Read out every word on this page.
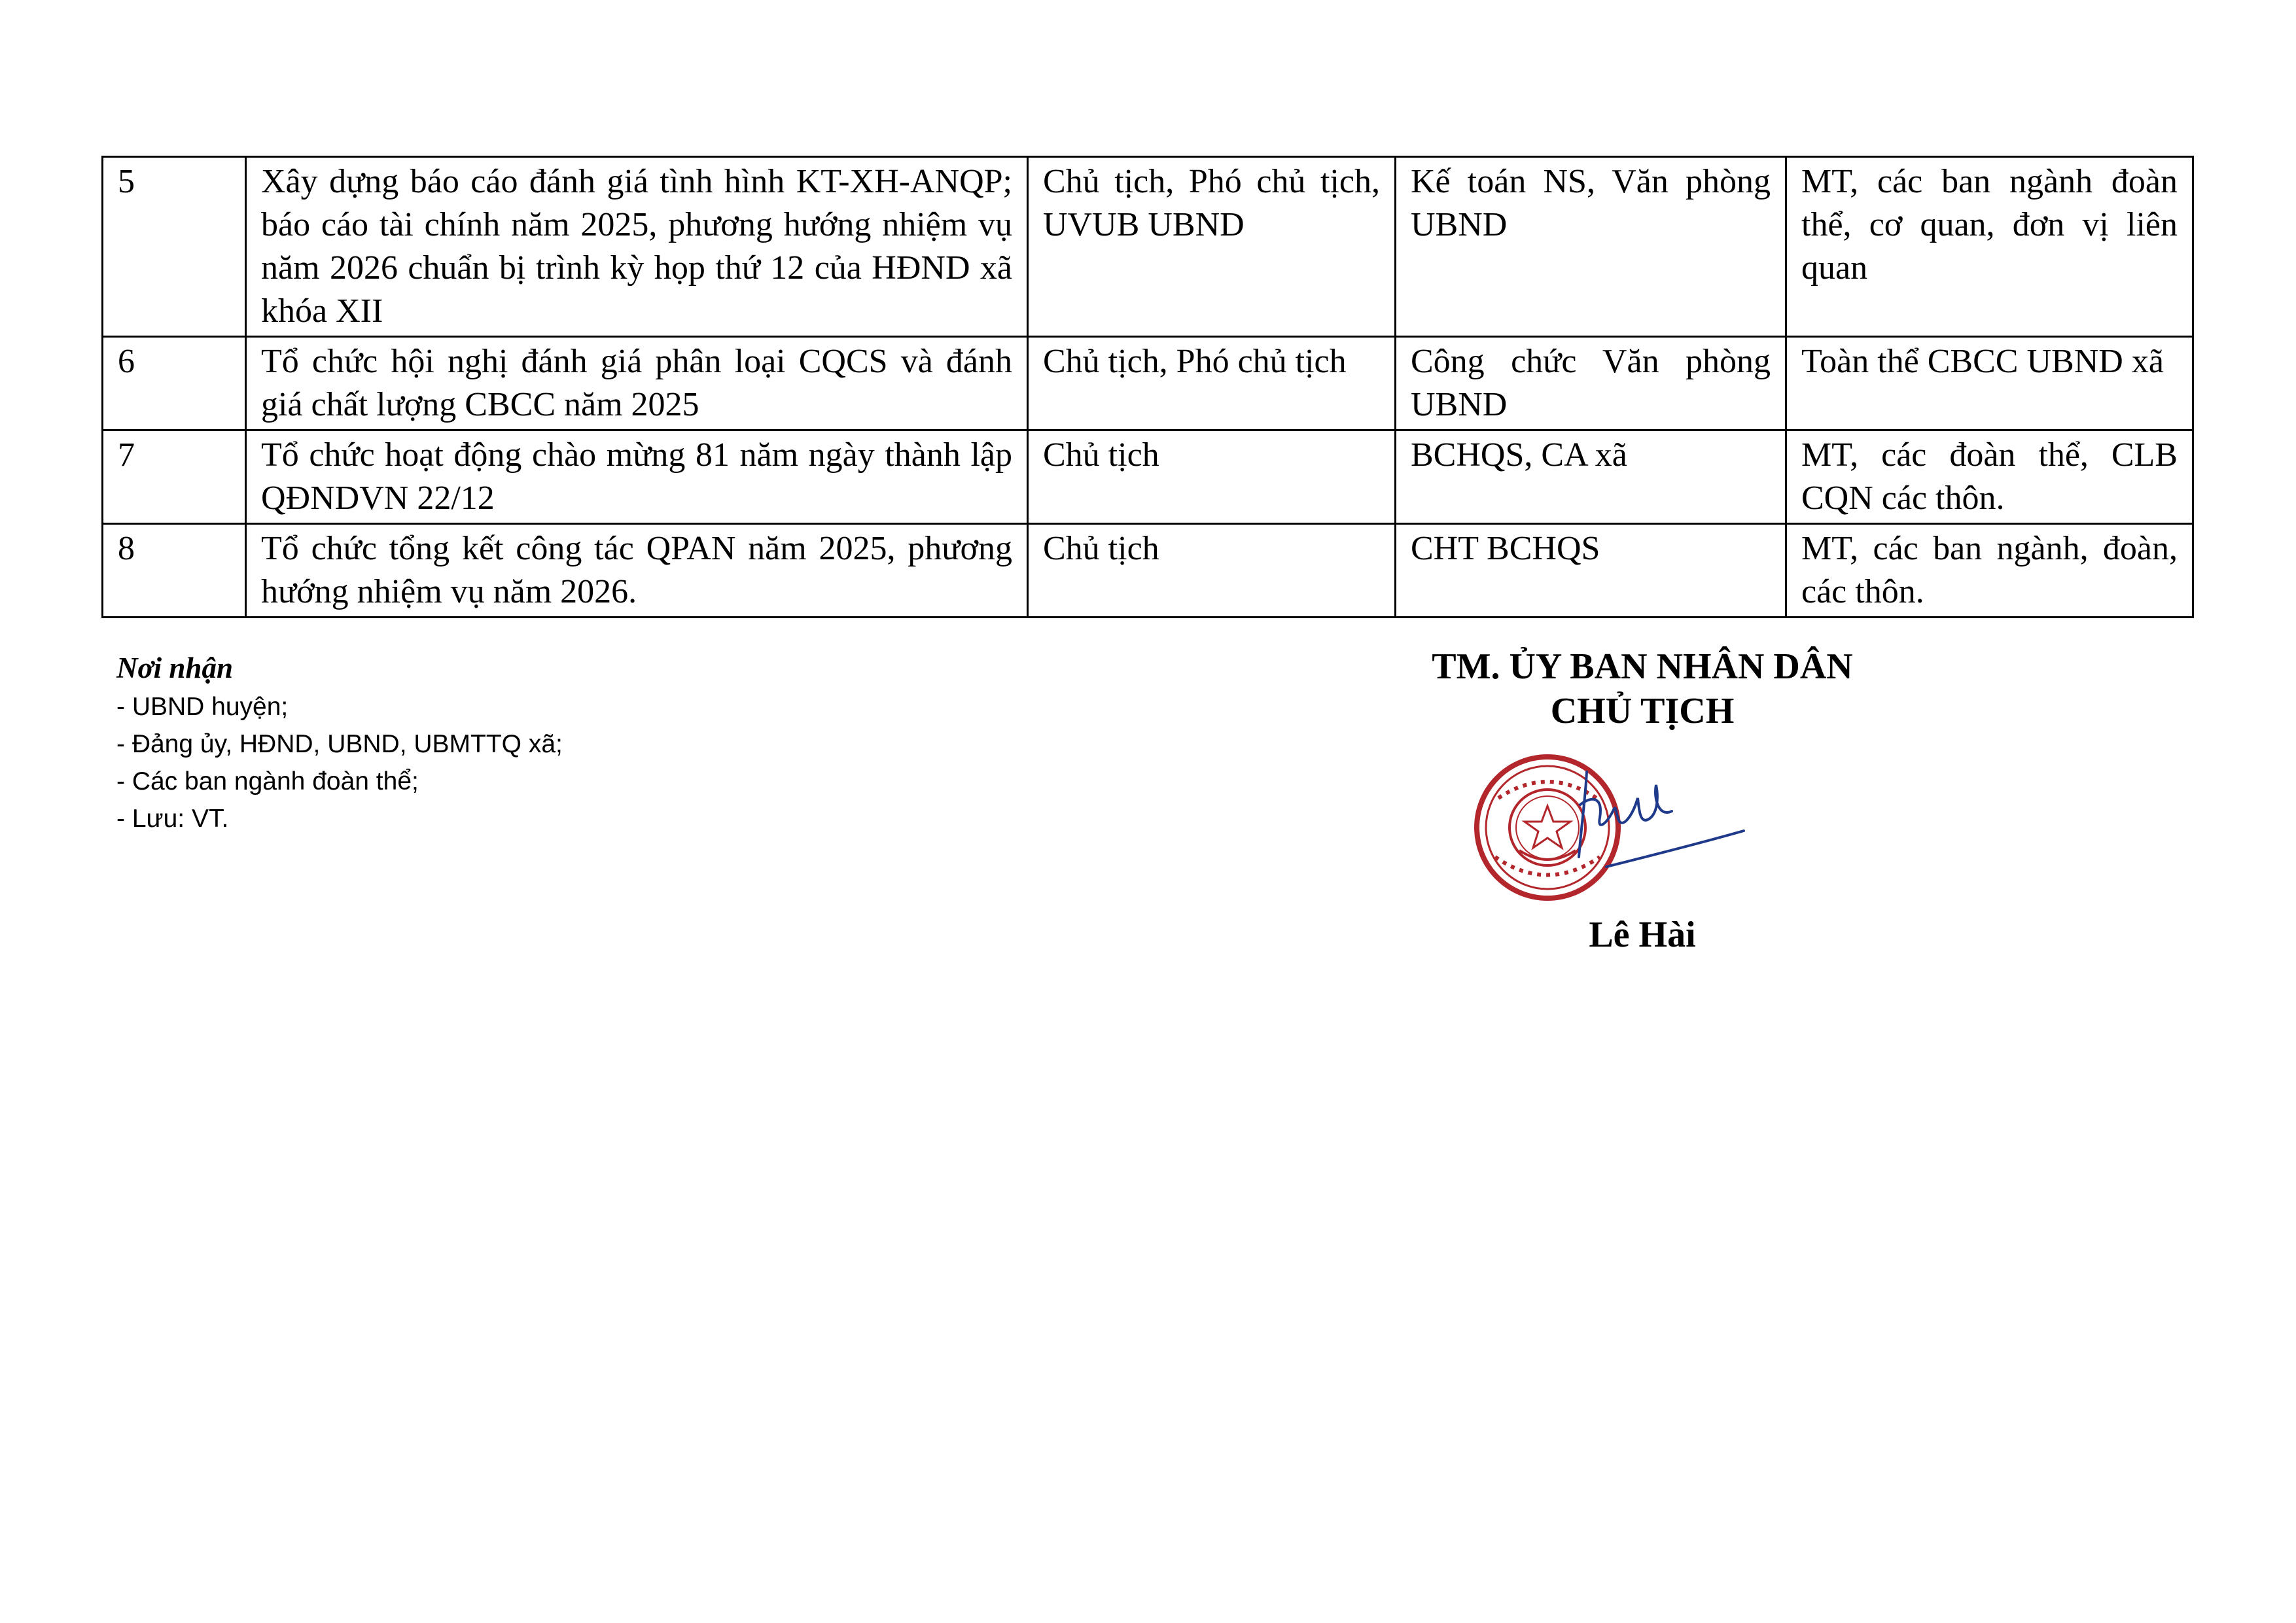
5	Xây dựng báo cáo đánh giá tình hình KT-XH-ANQP; báo cáo tài chính năm 2025, phương hướng nhiệm vụ năm 2026 chuẩn bị trình kỳ họp thứ 12 của HĐND xã khóa XII	Chủ tịch, Phó chủ tịch, UVUB UBND	Kế toán NS, Văn phòng UBND	MT, các ban ngành đoàn thể, cơ quan, đơn vị liên quan
6	Tổ chức hội nghị đánh giá phân loại CQCS và đánh giá chất lượng CBCC năm 2025	Chủ tịch, Phó chủ tịch	Công chức Văn phòng UBND	Toàn thể CBCC UBND xã
7	Tổ chức hoạt động chào mừng 81 năm ngày thành lập QĐNDVN 22/12	Chủ tịch	BCHQS, CA xã	MT, các đoàn thể, CLB CQN các thôn.
8	Tổ chức tổng kết công tác QPAN năm 2025, phương hướng nhiệm vụ năm 2026.	Chủ tịch	CHT BCHQS	MT, các ban ngành, đoàn, các thôn.
Nơi nhận
- UBND huyện;
- Đảng ủy, HĐND, UBND, UBMTTQ xã;
- Các ban ngành đoàn thể;
- Lưu: VT.
TM. ỦY BAN NHÂN DÂN
CHỦ TỊCH
Lê Hài
